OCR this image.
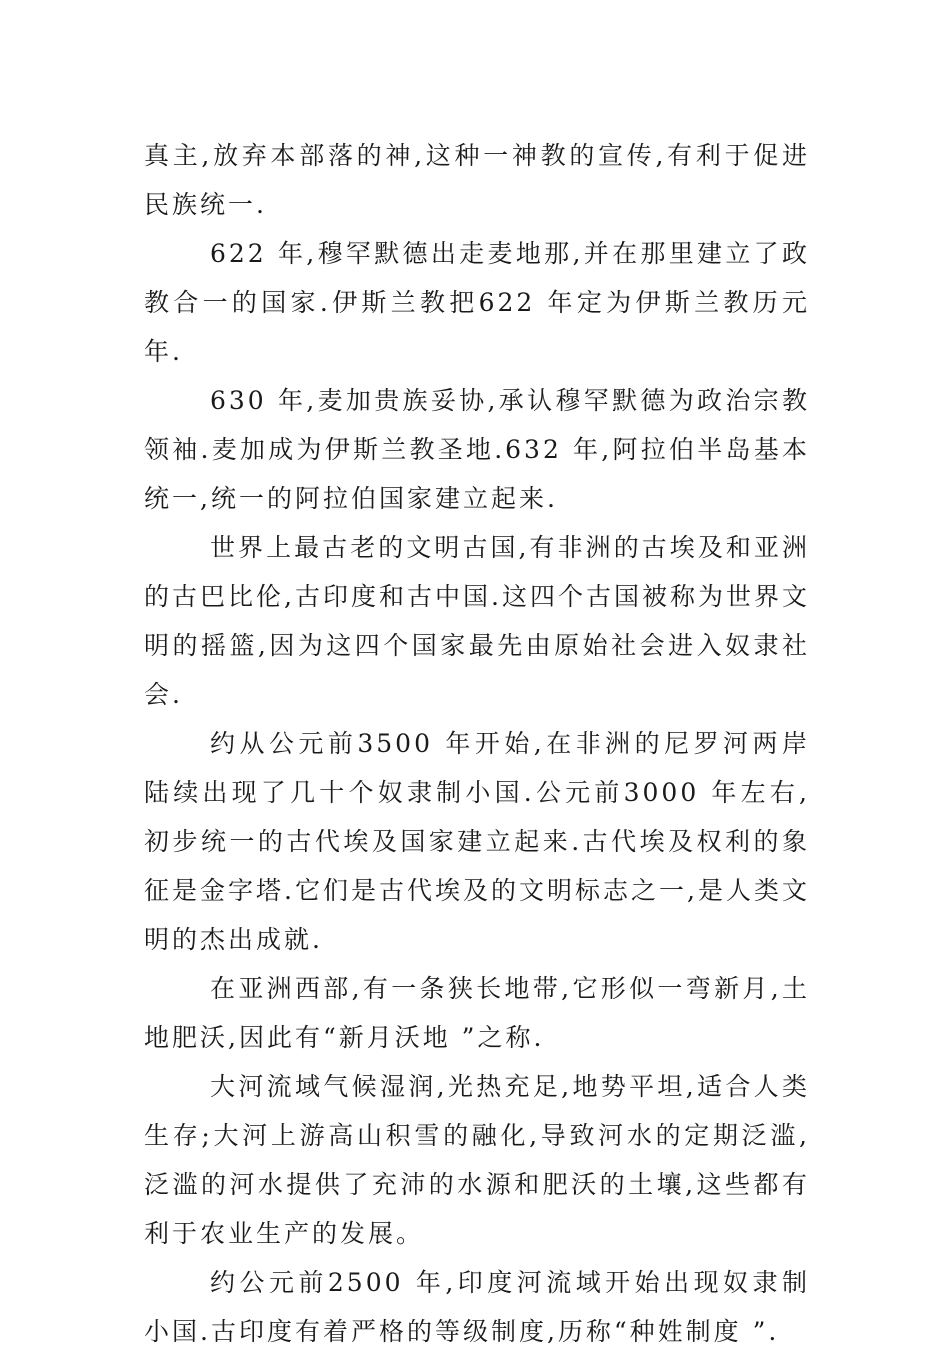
真主,放弃本部落的神,这种一神教的宣传,有利于促进民族统一.

622 年,穆罕默德出走麦地那,并在那里建立了政教合一的国家.伊斯兰教把622 年定为伊斯兰教历元年.

630 年,麦加贵族妥协,承认穆罕默德为政治宗教领袖.麦加成为伊斯兰教圣地.632 年,阿拉伯半岛基本统一,统一的阿拉伯国家建立起来.

世界上最古老的文明古国,有非洲的古埃及和亚洲的古巴比伦,古印度和古中国.这四个古国被称为世界文明的摇篮,因为这四个国家最先由原始社会进入奴隶社会.

约从公元前3500 年开始,在非洲的尼罗河两岸陆续出现了几十个奴隶制小国.公元前3000 年左右,初步统一的古代埃及国家建立起来.古代埃及权利的象征是金字塔.它们是古代埃及的文明标志之一,是人类文明的杰出成就.

在亚洲西部,有一条狭长地带,它形似一弯新月,土地肥沃,因此有“新月沃地 ”之称.

大河流域气候湿润,光热充足,地势平坦,适合人类生存;大河上游高山积雪的融化,导致河水的定期泛滥,泛滥的河水提供了充沛的水源和肥沃的土壤,这些都有利于农业生产的发展。

约公元前2500 年,印度河流域开始出现奴隶制小国.古印度有着严格的等级制度,历称“种姓制度 ”.
